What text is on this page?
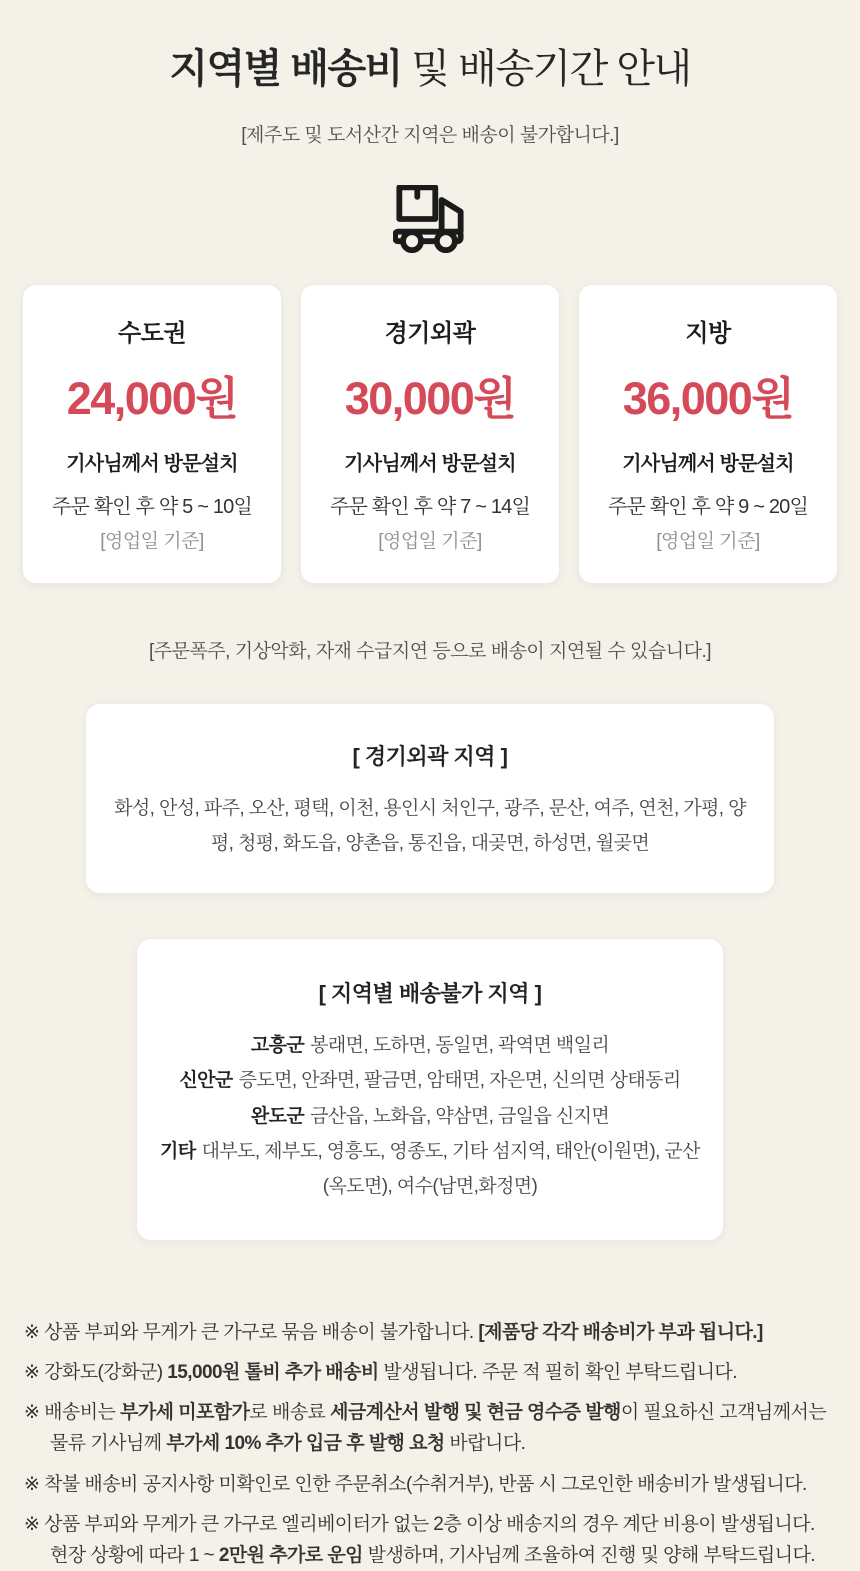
지역별 배송비 및 배송기간 안내
[제주도 및 도서산간 지역은 배송이 불가합니다.]
수도권
24,000원
기사님께서 방문설치
주문 확인 후 약 5 ~ 10일
[영업일 기준]
경기외곽
30,000원
기사님께서 방문설치
주문 확인 후 약 7 ~ 14일
[영업일 기준]
지방
36,000원
기사님께서 방문설치
주문 확인 후 약 9 ~ 20일
[영업일 기준]
[주문폭주, 기상악화, 자재 수급지연 등으로 배송이 지연될 수 있습니다.]
[ 경기외곽 지역 ]
화성, 안성, 파주, 오산, 평택, 이천, 용인시 처인구, 광주, 문산, 여주, 연천, 가평, 양평, 청평, 화도읍, 양촌읍, 통진읍, 대곶면, 하성면, 월곶면
[ 지역별 배송불가 지역 ]
고흥군 봉래면, 도하면, 동일면, 곽역면 백일리
신안군 증도면, 안좌면, 팔금면, 암태면, 자은면, 신의면 상태동리
완도군 금산읍, 노화읍, 약삼면, 금일읍 신지면
기타 대부도, 제부도, 영흥도, 영종도, 기타 섬지역, 태안(이원면), 군산(옥도면), 여수(남면,화정면)

※ 상품 부피와 무게가 큰 가구로 묶음 배송이 불가합니다. [제품당 각각 배송비가 부과 됩니다.]

※ 강화도(강화군) 15,000원 톨비 추가 배송비 발생됩니다. 주문 적 필히 확인 부탁드립니다.

※ 배송비는 부가세 미포함가로 배송료 세금계산서 발행 및 현금 영수증 발행이 필요하신 고객님께서는 물류 기사님께 부가세 10% 추가 입금 후 발행 요청 바랍니다.

※ 착불 배송비 공지사항 미확인로 인한 주문취소(수취거부), 반품 시 그로인한 배송비가 발생됩니다.

※ 상품 부피와 무게가 큰 가구로 엘리베이터가 없는 2층 이상 배송지의 경우 계단 비용이 발생됩니다. 현장 상황에 따라 1 ~ 2만원 추가로 운임 발생하며, 기사님께 조율하여 진행 및 양해 부탁드립니다.
